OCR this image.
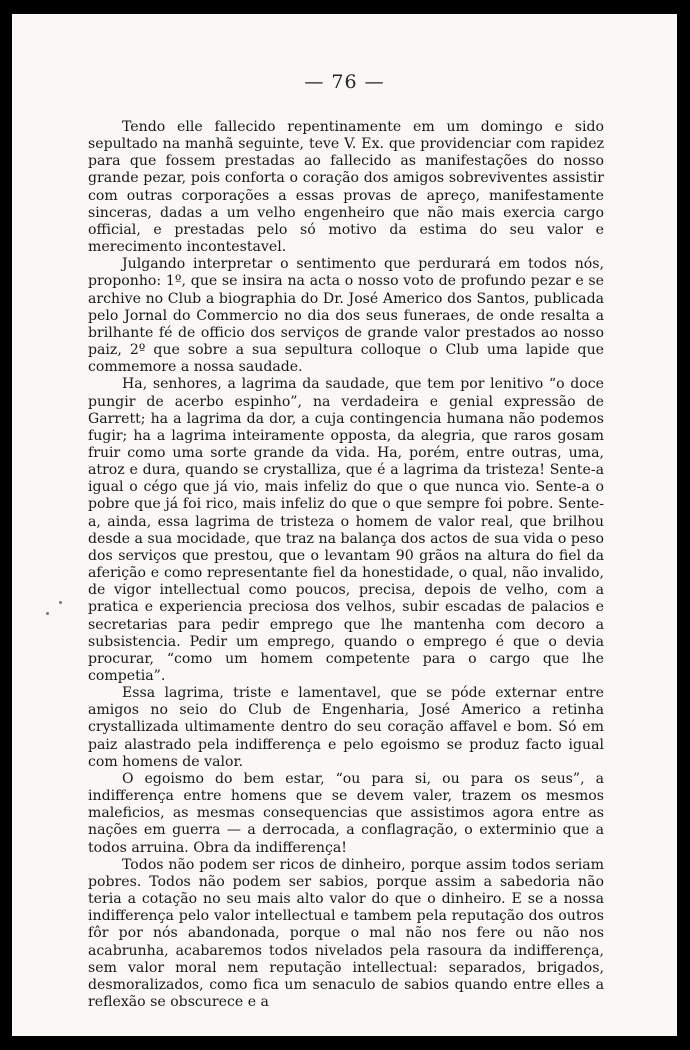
— 76 —

Tendo elle fallecido repentinamente em um domingo e sido sepultado na manhã seguinte, teve V. Ex. que providenciar com rapidez para que fossem prestadas ao fallecido as manifestações do nosso grande pezar, pois conforta o coração dos amigos sobreviventes assistir com outras corporações a essas provas de apreço, manifestamente sinceras, dadas a um velho engenheiro que não mais exercia cargo official, e prestadas pelo só motivo da estima do seu valor e merecimento incontestavel.

Julgando interpretar o sentimento que perdurará em todos nós, proponho: 1º, que se insira na acta o nosso voto de profundo pezar e se archive no Club a biographia do Dr. José Americo dos Santos, publicada pelo Jornal do Commercio no dia dos seus funeraes, de onde resalta a brilhante fé de officio dos serviços de grande valor prestados ao nosso paiz, 2º que sobre a sua sepultura colloque o Club uma lapide que commemore a nossa saudade.

Ha, senhores, a lagrima da saudade, que tem por lenitivo “o doce pungir de acerbo espinho”, na verdadeira e genial expressão de Garrett; ha a lagrima da dor, a cuja contingencia humana não podemos fugir; ha a lagrima inteiramente opposta, da alegria, que raros gosam fruir como uma sorte grande da vida. Ha, porém, entre outras, uma, atroz e dura, quando se crystalliza, que é a lagrima da tristeza! Sente-a igual o cégo que já vio, mais infeliz do que o que nunca vio. Sente-a o pobre que já foi rico, mais infeliz do que o que sempre foi pobre. Sente-a, ainda, essa lagrima de tristeza o homem de valor real, que brilhou desde a sua mocidade, que traz na balança dos actos de sua vida o peso dos serviços que prestou, que o levantam 90 grãos na altura do fiel da aferição e como representante fiel da honestidade, o qual, não invalido, de vigor intellectual como poucos, precisa, depois de velho, com a pratica e experiencia preciosa dos velhos, subir escadas de palacios e secretarias para pedir emprego que lhe mantenha com decoro a subsistencia. Pedir um emprego, quando o emprego é que o devia procurar, “como um homem competente para o cargo que lhe competia”.

Essa lagrima, triste e lamentavel, que se póde externar entre amigos no seio do Club de Engenharia, José Americo a retinha crystallizada ultimamente dentro do seu coração affavel e bom. Só em paiz alastrado pela indifferença e pelo egoismo se produz facto igual com homens de valor.

O egoismo do bem estar, “ou para si, ou para os seus”, a indifferença entre homens que se devem valer, trazem os mesmos maleficios, as mesmas consequencias que assistimos agora entre as nações em guerra — a derrocada, a conflagração, o exterminio que a todos arruina. Obra da indifferença!

Todos não podem ser ricos de dinheiro, porque assim todos seriam pobres. Todos não podem ser sabios, porque assim a sabedoria não teria a cotação no seu mais alto valor do que o dinheiro. E se a nossa indifferença pelo valor intellectual e tambem pela reputação dos outros fôr por nós abandonada, porque o mal não nos fere ou não nos acabrunha, acabaremos todos nivelados pela rasoura da indifferença, sem valor moral nem reputação intellectual: separados, brigados, desmoralizados, como fica um senaculo de sabios quando entre elles a reflexão se obscurece e a
